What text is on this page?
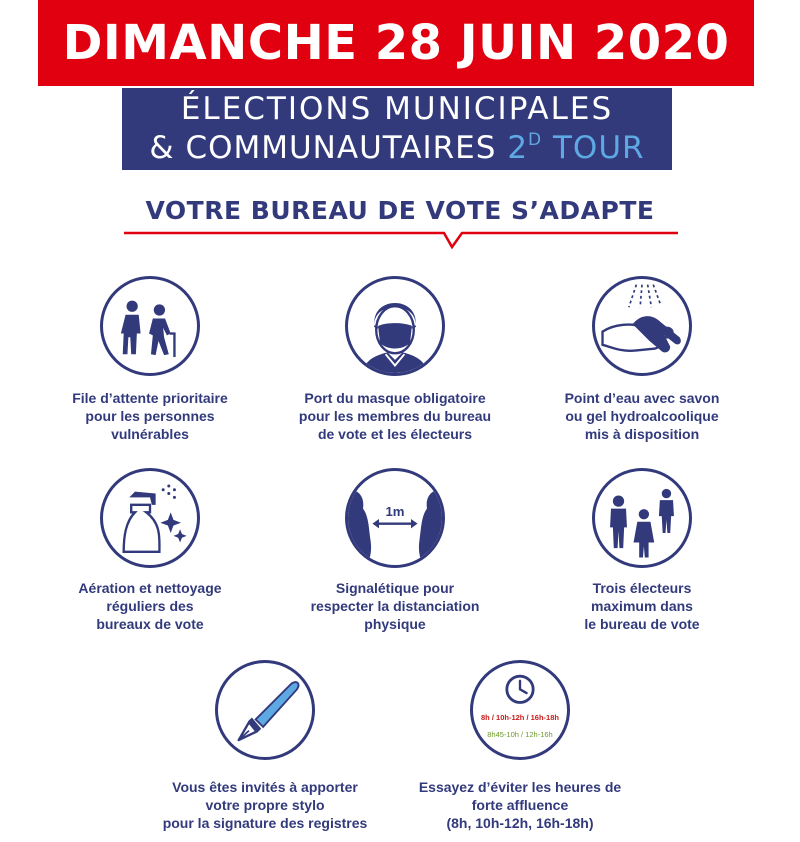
DIMANCHE 28 JUIN 2020
ÉLECTIONS MUNICIPALES
& COMMUNAUTAIRES $2^D$ TOUR
VOTRE BUREAU DE VOTE S’ADAPTE
File d’attente prioritaire
pour les personnes
vulnérables
Port du masque obligatoire
pour les membres du bureau
de vote et les électeurs
Point d’eau avec savon
ou gel hydroalcoolique
mis à disposition
1m
Aération et nettoyage
réguliers des
bureaux de vote
Signalétique pour
respecter la distanciation
physique
Trois électeurs
maximum dans
le bureau de vote
8h / 10h-12h / 16h-18h
8h45-10h / 12h-16h
Vous êtes invités à apporter
votre propre stylo
pour la signature des registres
Essayez d’éviter les heures de
forte affluence
(8h, 10h-12h, 16h-18h)
